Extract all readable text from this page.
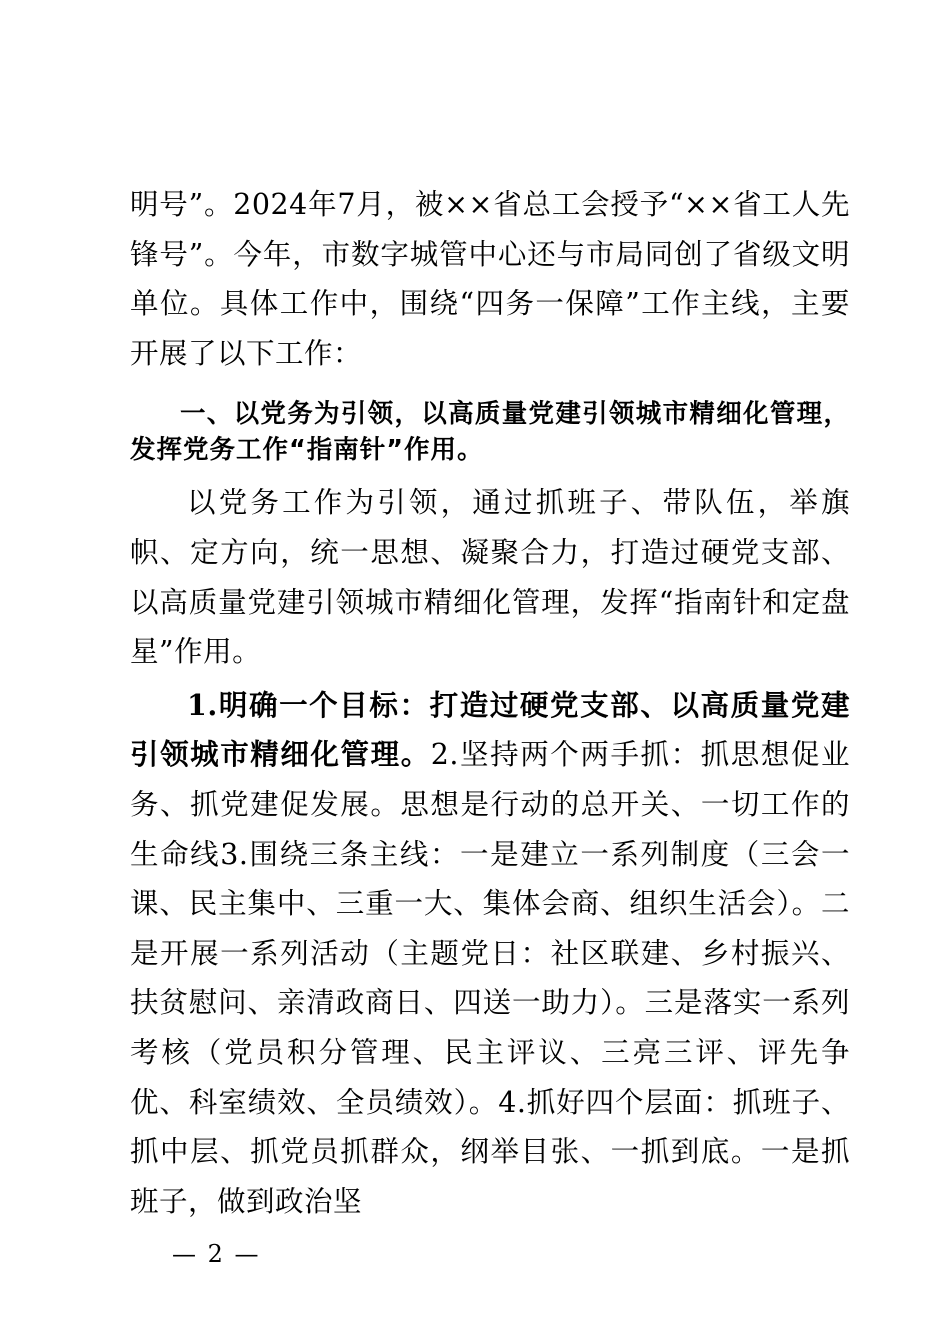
明号”。2024年7月，被××省总工会授予“××省工人先锋号”。今年，市数字城管中心还与市局同创了省级文明单位。具体工作中，围绕“四务一保障”工作主线，主要开展了以下工作：

一、以党务为引领，以高质量党建引领城市精细化管理，发挥党务工作“指南针”作用。

以党务工作为引领，通过抓班子、带队伍，举旗帜、定方向，统一思想、凝聚合力，打造过硬党支部、以高质量党建引领城市精细化管理，发挥“指南针和定盘星”作用。

1.明确一个目标：打造过硬党支部、以高质量党建引领城市精细化管理。2.坚持两个两手抓：抓思想促业务、抓党建促发展。思想是行动的总开关、一切工作的生命线3.围绕三条主线：一是建立一系列制度（三会一课、民主集中、三重一大、集体会商、组织生活会）。二是开展一系列活动（主题党日：社区联建、乡村振兴、扶贫慰问、亲清政商日、四送一助力）。三是落实一系列考核（党员积分管理、民主评议、三亮三评、评先争优、科室绩效、全员绩效）。4.抓好四个层面：抓班子、抓中层、抓党员抓群众，纲举目张、一抓到底。一是抓班子，做到政治坚

— 2 —
